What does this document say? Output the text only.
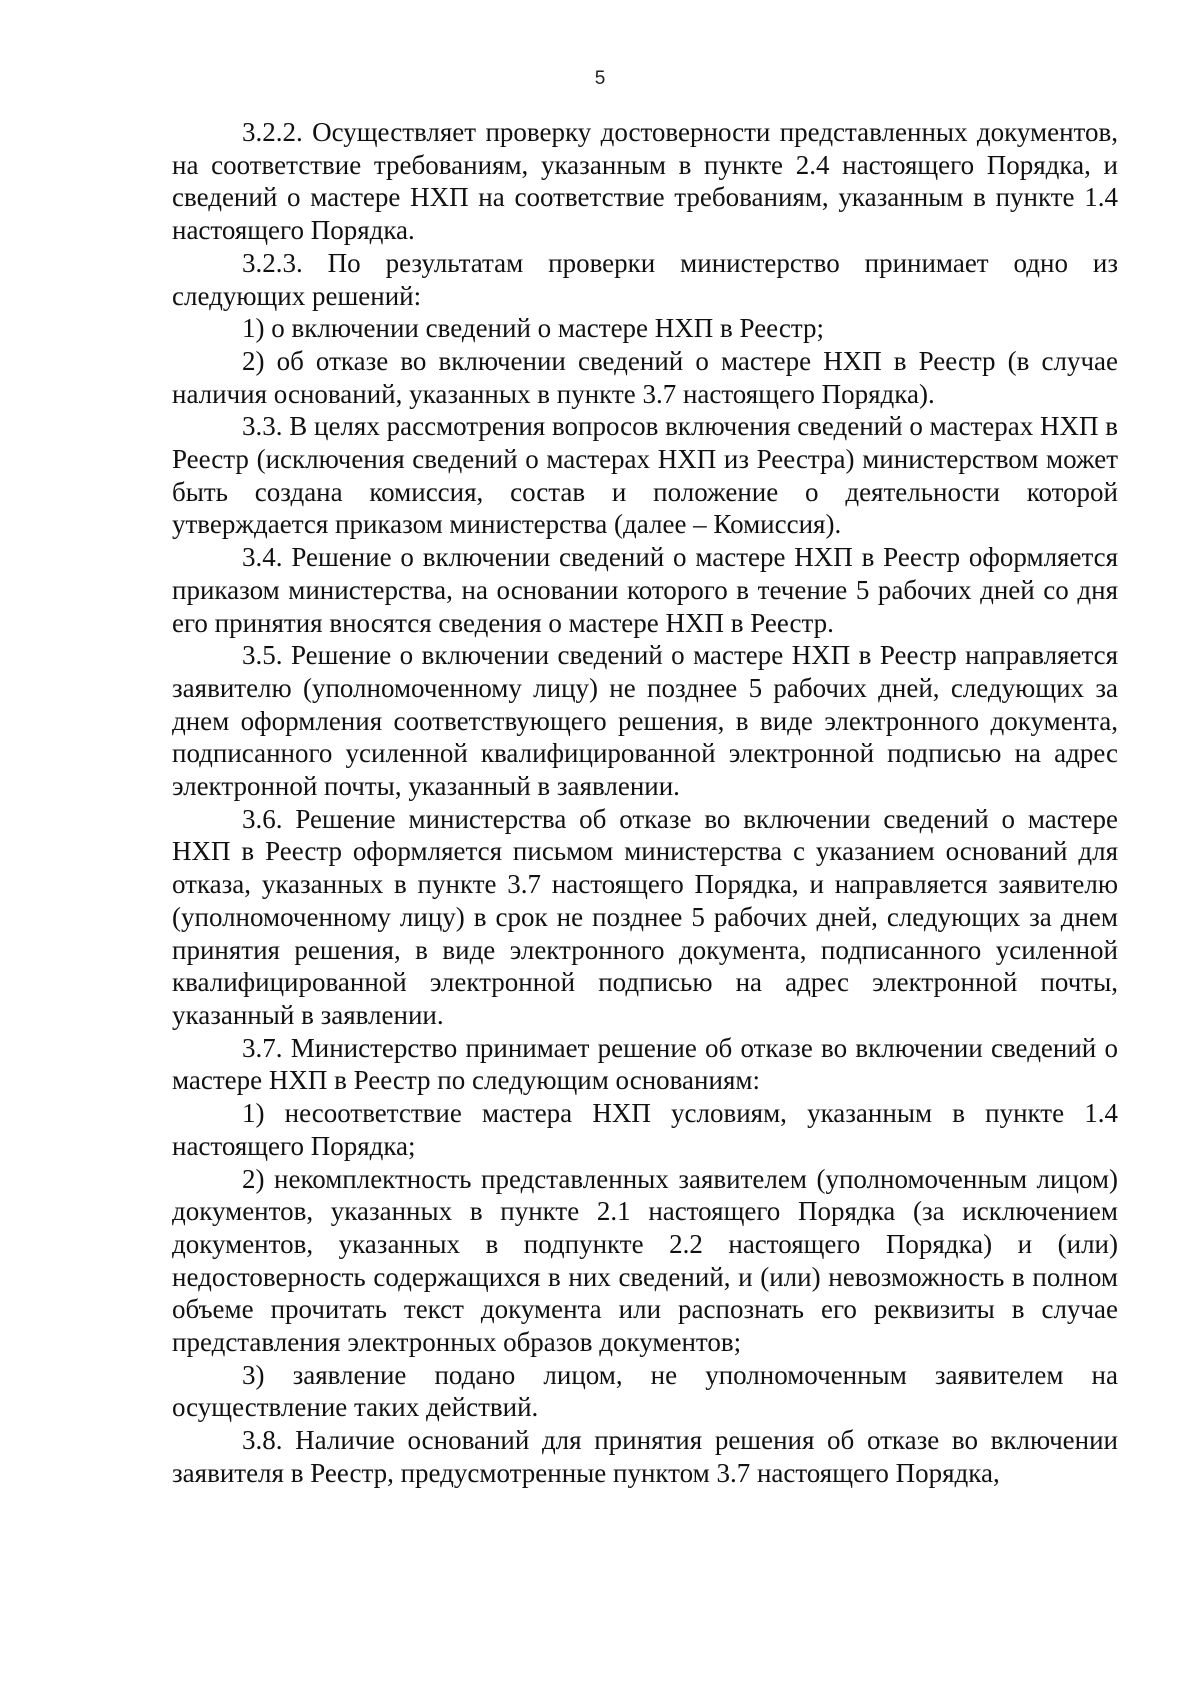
5

3.2.2. Осуществляет проверку достоверности представленных документов, на соответствие требованиям, указанным в пункте 2.4 настоящего Порядка, и сведений о мастере НХП на соответствие требованиям, указанным в пункте 1.4 настоящего Порядка.

3.2.3. По результатам проверки министерство принимает одно из следующих решений:

1) о включении сведений о мастере НХП в Реестр;

2) об отказе во включении сведений о мастере НХП в Реестр (в случае наличия оснований, указанных в пункте 3.7 настоящего Порядка).

3.3. В целях рассмотрения вопросов включения сведений о мастерах НХП в Реестр (исключения сведений о мастерах НХП из Реестра) министерством может быть создана комиссия, состав и положение о деятельности которой утверждается приказом министерства (далее – Комиссия).

3.4. Решение о включении сведений о мастере НХП в Реестр оформляется приказом министерства, на основании которого в течение 5 рабочих дней со дня его принятия вносятся сведения о мастере НХП в Реестр.

3.5. Решение о включении сведений о мастере НХП в Реестр направляется заявителю (уполномоченному лицу) не позднее 5 рабочих дней, следующих за днем оформления соответствующего решения, в виде электронного документа, подписанного усиленной квалифицированной электронной подписью на адрес электронной почты, указанный в заявлении.

3.6. Решение министерства об отказе во включении сведений о мастере НХП в Реестр оформляется письмом министерства с указанием оснований для отказа, указанных в пункте 3.7 настоящего Порядка, и направляется заявителю (уполномоченному лицу) в срок не позднее 5 рабочих дней, следующих за днем принятия решения, в виде электронного документа, подписанного усиленной квалифицированной электронной подписью на адрес электронной почты, указанный в заявлении.

3.7. Министерство принимает решение об отказе во включении сведений о мастере НХП в Реестр по следующим основаниям:

1) несоответствие мастера НХП условиям, указанным в пункте 1.4 настоящего Порядка;

2) некомплектность представленных заявителем (уполномоченным лицом) документов, указанных в пункте 2.1 настоящего Порядка (за исключением документов, указанных в подпункте 2.2 настоящего Порядка) и (или) недостоверность содержащихся в них сведений, и (или) невозможность в полном объеме прочитать текст документа или распознать его реквизиты в случае представления электронных образов документов;

3) заявление подано лицом, не уполномоченным заявителем на осуществление таких действий.

3.8. Наличие оснований для принятия решения об отказе во включении заявителя в Реестр, предусмотренные пунктом 3.7 настоящего Порядка,
